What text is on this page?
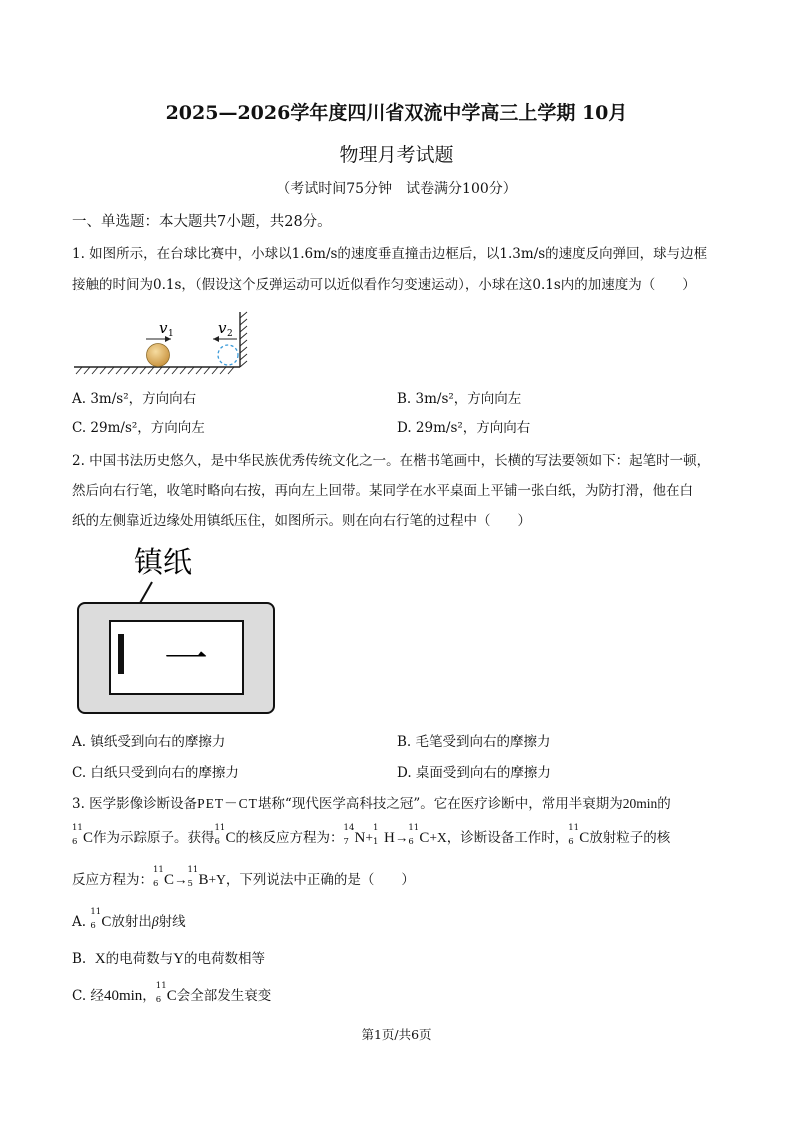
2025—2026学年度四川省双流中学高三上学期 10月
物理月考试题
（考试时间75分钟　试卷满分100分）
一、单选题：本大题共7小题，共28分。
1. 如图所示，在台球比赛中，小球以1.6m/s的速度垂直撞击边框后，以1.3m/s的速度反向弹回，球与边框
接触的时间为0.1s，（假设这个反弹运动可以近似看作匀变速运动），小球在这0.1s内的加速度为（　　）
v 1	v 2
A. 3m/s²，方向向右	B. 3m/s²，方向向左
C. 29m/s²，方向向左	D. 29m/s²，方向向右
2. 中国书法历史悠久，是中华民族优秀传统文化之一。在楷书笔画中，长横的写法要领如下：起笔时一顿，
然后向右行笔，收笔时略向右按，再向左上回带。某同学在水平桌面上平铺一张白纸，为防打滑，他在白
纸的左侧靠近边缘处用镇纸压住，如图所示。则在向右行笔的过程中（　　）
镇纸
一
A. 镇纸受到向右的摩擦力	B. 毛笔受到向右的摩擦力
C. 白纸只受到向右的摩擦力	D. 桌面受到向右的摩擦力
3. 医学影像诊断设备PET－CT堪称“现代医学高科技之冠”。它在医疗诊断中，常用半衰期为20min的
11
6 C作为示踪原子。获得
11
6 C的核反应方程为：
14
7 N+
1
1 H→
11
6 C+X，诊断设备工作时，
11
6 C放射粒子的核
反应方程为：
11
6 C→
11
5 B+Y，下列说法中正确的是（　　）
A.
11
6 C放射出β射线
B. X的电荷数与Y的电荷数相等
C. 经40min，
11
6 C会全部发生衰变
第1页/共6页
